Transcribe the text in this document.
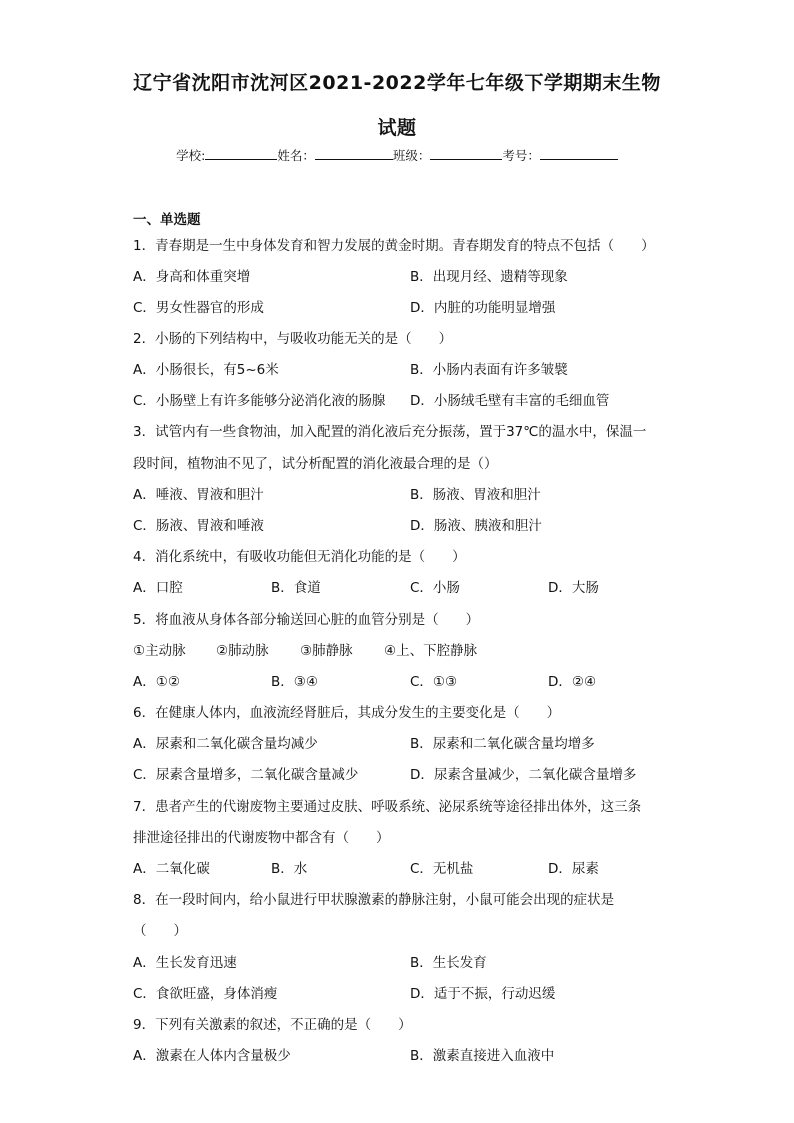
辽宁省沈阳市沈河区2021-2022学年七年级下学期期末生物
试题
学校:	姓名：	班级：	考号：
一、单选题
1．青春期是一生中身体发育和智力发展的黄金时期。青春期发育的特点不包括（　　）
A．身高和体重突增	B．出现月经、遗精等现象
C．男女性器官的形成	D．内脏的功能明显增强
2．小肠的下列结构中，与吸收功能无关的是（　　）
A．小肠很长，有5~6米	B．小肠内表面有许多皱襞
C．小肠壁上有许多能够分泌消化液的肠腺 D．小肠绒毛壁有丰富的毛细血管
3．试管内有一些食物油，加入配置的消化液后充分振荡，置于37℃的温水中，保温一
段时间，植物油不见了，试分析配置的消化液最合理的是（）
A．唾液、胃液和胆汁	B．肠液、胃液和胆汁
C．肠液、胃液和唾液	D．肠液、胰液和胆汁
4．消化系统中，有吸收功能但无消化功能的是（　　）
A．口腔	B．食道	C．小肠	D．大肠
5．将血液从身体各部分输送回心脏的血管分别是（　　）
①主动脉 ②肺动脉 ③肺静脉 ④上、下腔静脉
A．①②	B．③④	C．①③	D．②④
6．在健康人体内，血液流经肾脏后，其成分发生的主要变化是（　　）
A．尿素和二氧化碳含量均减少	B．尿素和二氧化碳含量均增多
C．尿素含量增多，二氧化碳含量减少	D．尿素含量减少，二氧化碳含量增多
7．患者产生的代谢废物主要通过皮肤、呼吸系统、泌尿系统等途径排出体外，这三条
排泄途径排出的代谢废物中都含有（　　）
A．二氧化碳	B．水	C．无机盐	D．尿素
8．在一段时间内，给小鼠进行甲状腺激素的静脉注射，小鼠可能会出现的症状是
（　　）
A．生长发育迅速	B．生长发育
C．食欲旺盛，身体消瘦	D．适于不振，行动迟缓
9．下列有关激素的叙述，不正确的是（　　）
A．激素在人体内含量极少	B．激素直接进入血液中
